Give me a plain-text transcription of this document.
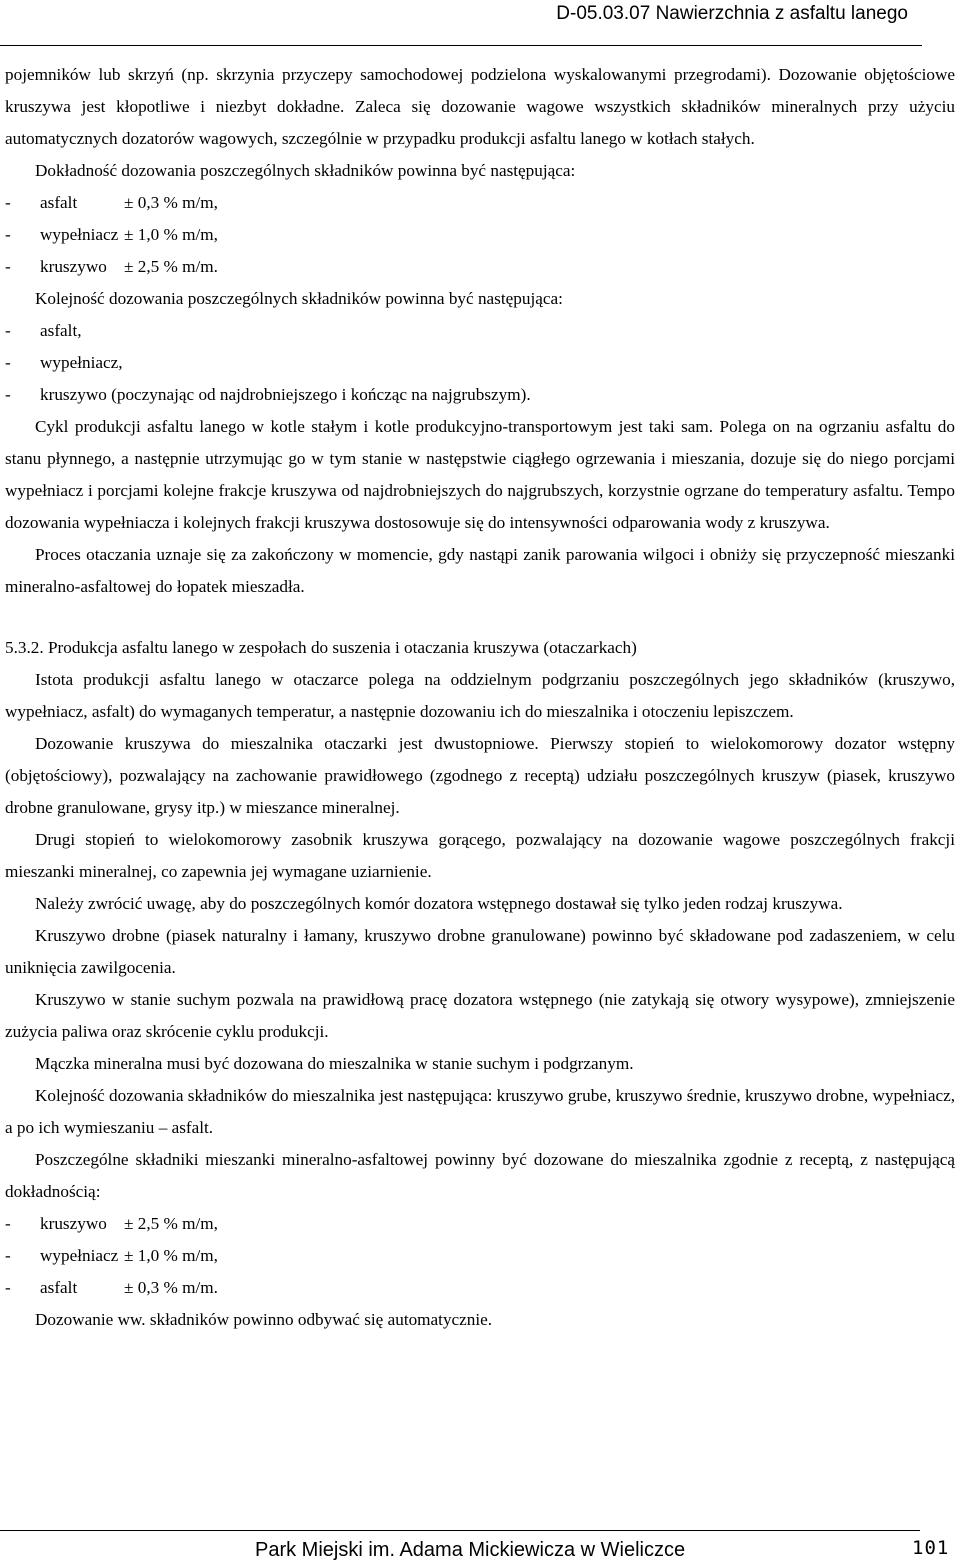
D-05.03.07 Nawierzchnia z asfaltu lanego

pojemników lub skrzyń (np. skrzynia przyczepy samochodowej podzielona wyskalowanymi przegrodami). Dozowanie objętościowe kruszywa jest kłopotliwe i niezbyt dokładne. Zaleca się dozowanie wagowe wszystkich składników mineralnych przy użyciu automatycznych dozatorów wagowych, szczególnie w przypadku produkcji asfaltu lanego w kotłach stałych.

Dokładność dozowania poszczególnych składników powinna być następująca:

-	asfalt	± 0,3 % m/m,
-	wypełniacz ± 1,0 % m/m,
-	kruszywo ± 2,5 % m/m.

Kolejność dozowania poszczególnych składników powinna być następująca:

-	asfalt,
-	wypełniacz,
-	kruszywo (poczynając od najdrobniejszego i kończąc na najgrubszym).

Cykl produkcji asfaltu lanego w kotle stałym i kotle produkcyjno-transportowym jest taki sam. Polega on na ogrzaniu asfaltu do stanu płynnego, a następnie utrzymując go w tym stanie w następstwie ciągłego ogrzewania i mieszania, dozuje się do niego porcjami wypełniacz i porcjami kolejne frakcje kruszywa od najdrobniejszych do najgrubszych, korzystnie ogrzane do temperatury asfaltu. Tempo dozowania wypełniacza i kolejnych frakcji kruszywa dostosowuje się do intensywności odparowania wody z kruszywa.

Proces otaczania uznaje się za zakończony w momencie, gdy nastąpi zanik parowania wilgoci i obniży się przyczepność mieszanki mineralno-asfaltowej do łopatek mieszadła.

5.3.2. Produkcja asfaltu lanego w zespołach do suszenia i otaczania kruszywa (otaczarkach)

Istota produkcji asfaltu lanego w otaczarce polega na oddzielnym podgrzaniu poszczególnych jego składników (kruszywo, wypełniacz, asfalt) do wymaganych temperatur, a następnie dozowaniu ich do mieszalnika i otoczeniu lepiszczem.

Dozowanie kruszywa do mieszalnika otaczarki jest dwustopniowe. Pierwszy stopień to wielokomorowy dozator wstępny (objętościowy), pozwalający na zachowanie prawidłowego (zgodnego z receptą) udziału poszczególnych kruszyw (piasek, kruszywo drobne granulowane, grysy itp.) w mieszance mineralnej.

Drugi stopień to wielokomorowy zasobnik kruszywa gorącego, pozwalający na dozowanie wagowe poszczególnych frakcji mieszanki mineralnej, co zapewnia jej wymagane uziarnienie.

Należy zwrócić uwagę, aby do poszczególnych komór dozatora wstępnego dostawał się tylko jeden rodzaj kruszywa.

Kruszywo drobne (piasek naturalny i łamany, kruszywo drobne granulowane) powinno być składowane pod zadaszeniem, w celu uniknięcia zawilgocenia.

Kruszywo w stanie suchym pozwala na prawidłową pracę dozatora wstępnego (nie zatykają się otwory wysypowe), zmniejszenie zużycia paliwa oraz skrócenie cyklu produkcji.

Mączka mineralna musi być dozowana do mieszalnika w stanie suchym i podgrzanym.

Kolejność dozowania składników do mieszalnika jest następująca: kruszywo grube, kruszywo średnie, kruszywo drobne, wypełniacz, a po ich wymieszaniu – asfalt.

Poszczególne składniki mieszanki mineralno-asfaltowej powinny być dozowane do mieszalnika zgodnie z receptą, z następującą dokładnością:

-	kruszywo ± 2,5 % m/m,
-	wypełniacz ± 1,0 % m/m,
-	asfalt	± 0,3 % m/m.

Dozowanie ww. składników powinno odbywać się automatycznie.

Park Miejski im. Adama Mickiewicza w Wieliczce	101
